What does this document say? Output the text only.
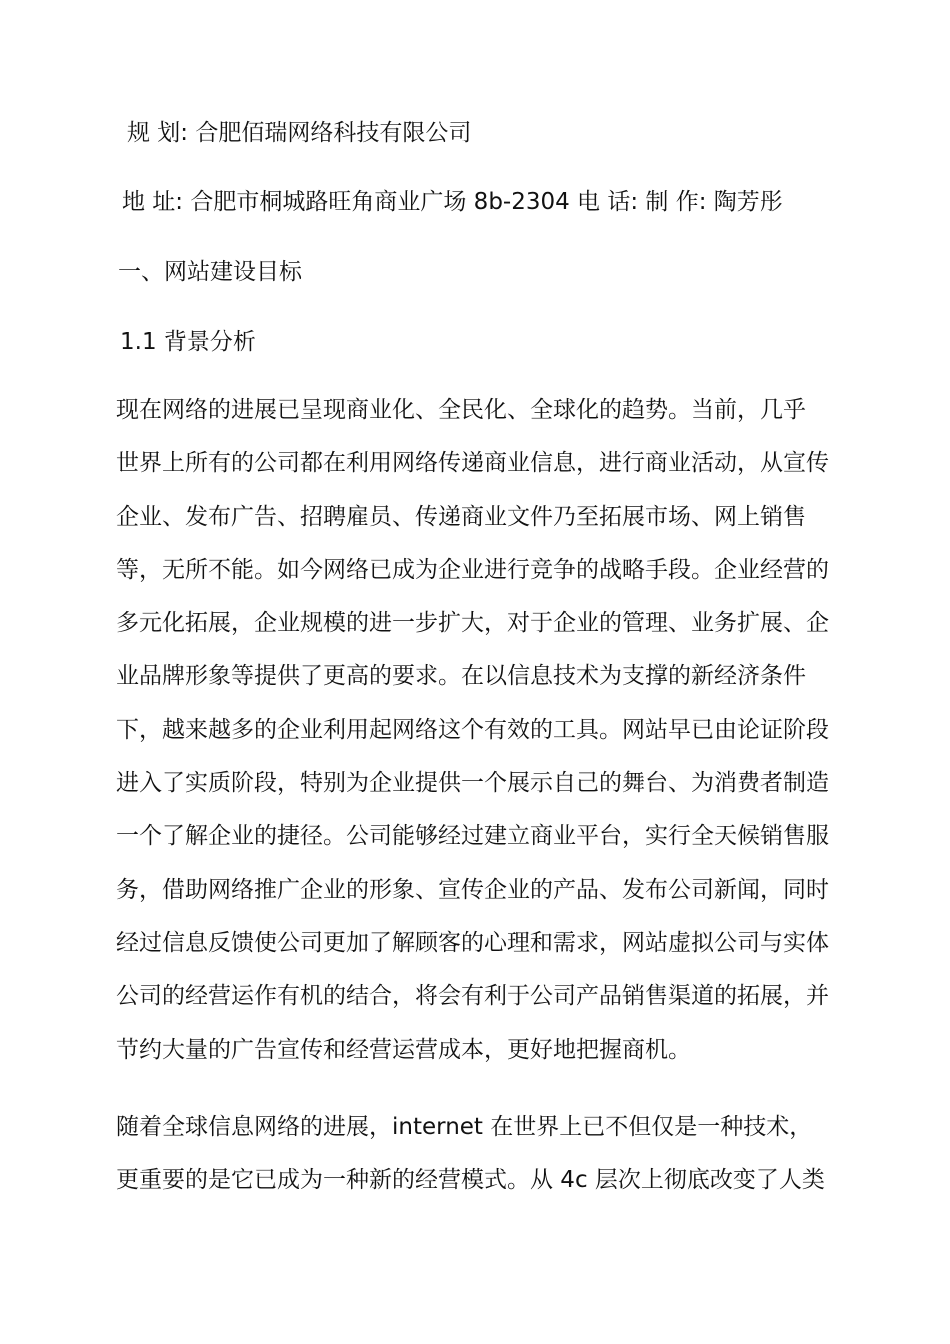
规 划: 合肥佰瑞网络科技有限公司
地 址: 合肥市桐城路旺角商业广场 8b-2304 电 话: 制 作: 陶芳彤
一、网站建设目标
1.1 背景分析
现在网络的进展已呈现商业化、全民化、全球化的趋势。当前，几乎
世界上所有的公司都在利用网络传递商业信息，进行商业活动，从宣传
企业、发布广告、招聘雇员、传递商业文件乃至拓展市场、网上销售
等，无所不能。如今网络已成为企业进行竞争的战略手段。企业经营的
多元化拓展，企业规模的进一步扩大，对于企业的管理、业务扩展、企
业品牌形象等提供了更高的要求。在以信息技术为支撑的新经济条件
下，越来越多的企业利用起网络这个有效的工具。网站早已由论证阶段
进入了实质阶段，特别为企业提供一个展示自己的舞台、为消费者制造
一个了解企业的捷径。公司能够经过建立商业平台，实行全天候销售服
务，借助网络推广企业的形象、宣传企业的产品、发布公司新闻，同时
经过信息反馈使公司更加了解顾客的心理和需求，网站虚拟公司与实体
公司的经营运作有机的结合，将会有利于公司产品销售渠道的拓展，并
节约大量的广告宣传和经营运营成本，更好地把握商机。
随着全球信息网络的进展，internet 在世界上已不但仅是一种技术，
更重要的是它已成为一种新的经营模式。从 4c 层次上彻底改变了人类
